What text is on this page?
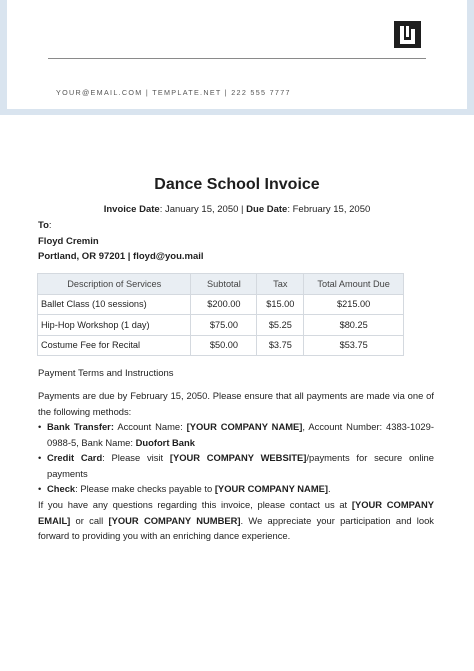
YOUR@EMAIL.COM | TEMPLATE.NET | 222 555 7777
Dance School Invoice
Invoice Date: January 15, 2050 | Due Date: February 15, 2050
To:
Floyd Cremin
Portland, OR 97201 | floyd@you.mail
Description of Services	Subtotal	Tax	Total Amount Due
Ballet Class (10 sessions)	$200.00	$15.00	$215.00
Hip-Hop Workshop (1 day)	$75.00	$5.25	$80.25
Costume Fee for Recital	$50.00	$3.75	$53.75
Payment Terms and Instructions
Payments are due by February 15, 2050. Please ensure that all payments are made via one of the following methods:
• Bank Transfer: Account Name: [YOUR COMPANY NAME], Account Number: 4383-1029-0988-5, Bank Name: Duofort Bank
• Credit Card: Please visit [YOUR COMPANY WEBSITE]/payments for secure online payments
• Check: Please make checks payable to [YOUR COMPANY NAME].
If you have any questions regarding this invoice, please contact us at [YOUR COMPANY EMAIL] or call [YOUR COMPANY NUMBER]. We appreciate your participation and look forward to providing you with an enriching dance experience.
